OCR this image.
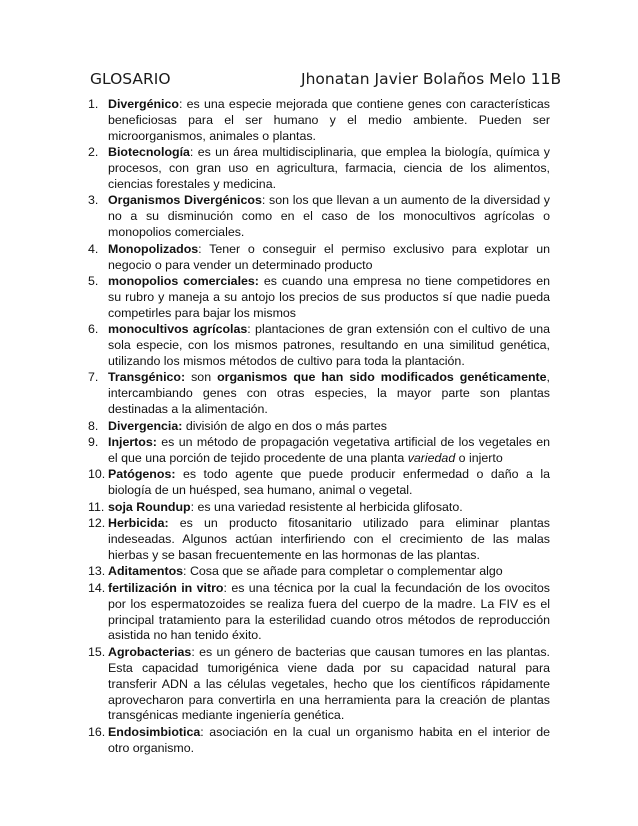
GLOSARIO	Jhonatan Javier Bolaños Melo 11B
1. Divergénico: es una especie mejorada que contiene genes con características beneficiosas para el ser humano y el medio ambiente. Pueden ser microorganismos, animales o plantas.
2. Biotecnología: es un área multidisciplinaria, que emplea la biología, química y procesos, con gran uso en agricultura, farmacia, ciencia de los alimentos, ciencias forestales y medicina.
3. Organismos Divergénicos: son los que llevan a un aumento de la diversidad y no a su disminución como en el caso de los monocultivos agrícolas o monopolios comerciales.
4. Monopolizados: Tener o conseguir el permiso exclusivo para explotar un negocio o para vender un determinado producto
5. monopolios comerciales: es cuando una empresa no tiene competidores en su rubro y maneja a su antojo los precios de sus productos sí que nadie pueda competirles para bajar los mismos
6. monocultivos agrícolas: plantaciones de gran extensión con el cultivo de una sola especie, con los mismos patrones, resultando en una similitud genética, utilizando los mismos métodos de cultivo para toda la plantación.
7. Transgénico: son organismos que han sido modificados genéticamente, intercambiando genes con otras especies, la mayor parte son plantas destinadas a la alimentación.
8. Divergencia: división de algo en dos o más partes
9. Injertos: es un método de propagación vegetativa artificial de los vegetales en el que una porción de tejido procedente de una planta variedad o injerto
10. Patógenos: es todo agente que puede producir enfermedad o daño a la biología de un huésped, sea humano, animal o vegetal.
11. soja Roundup: es una variedad resistente al herbicida glifosato.
12. Herbicida: es un producto fitosanitario utilizado para eliminar plantas indeseadas. Algunos actúan interfiriendo con el crecimiento de las malas hierbas y se basan frecuentemente en las hormonas de las plantas.
13. Aditamentos: Cosa que se añade para completar o complementar algo
14. fertilización in vitro: es una técnica por la cual la fecundación de los ovocitos por los espermatozoides se realiza fuera del cuerpo de la madre. La FIV es el principal tratamiento para la esterilidad cuando otros métodos de reproducción asistida no han tenido éxito.
15. Agrobacterias: es un género de bacterias que causan tumores en las plantas. Esta capacidad tumorigénica viene dada por su capacidad natural para transferir ADN a las células vegetales, hecho que los científicos rápidamente aprovecharon para convertirla en una herramienta para la creación de plantas transgénicas mediante ingeniería genética.
16. Endosimbiotica: asociación en la cual un organismo habita en el interior de otro organismo.
